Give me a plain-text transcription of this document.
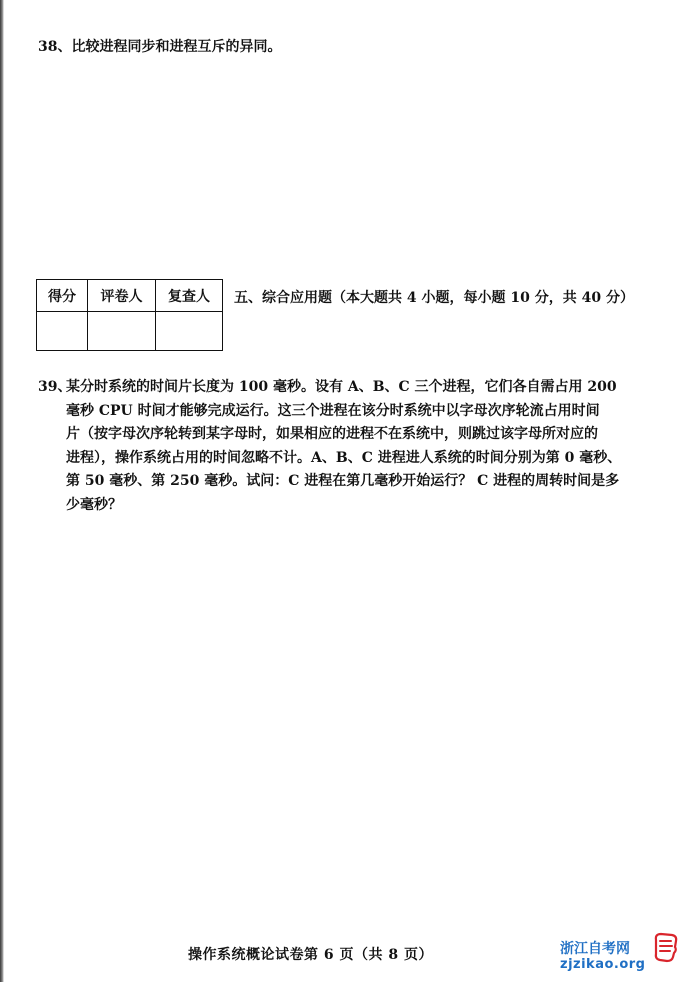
38、比较进程同步和进程互斥的异同。
得分	评卷人	复查人
		五、综合应用题（本大题共 4 小题，每小题 10 分，共 40 分）
39、
某分时系统的时间片长度为 100 毫秒。设有 A、B、C 三个进程，它们各自需占用 200
毫秒 CPU 时间才能够完成运行。这三个进程在该分时系统中以字母次序轮流占用时间
片（按字母次序轮转到某字母时，如果相应的进程不在系统中，则跳过该字母所对应的
进程），操作系统占用的时间忽略不计。A、B、C 进程进人系统的时间分别为第 0 毫秒、
第 50 毫秒、第 250 毫秒。试问：C 进程在第几毫秒开始运行？ C 进程的周转时间是多
少毫秒？
操作系统概论试卷第 6 页（共 8 页）	浙江自考网
zjzikao.org
